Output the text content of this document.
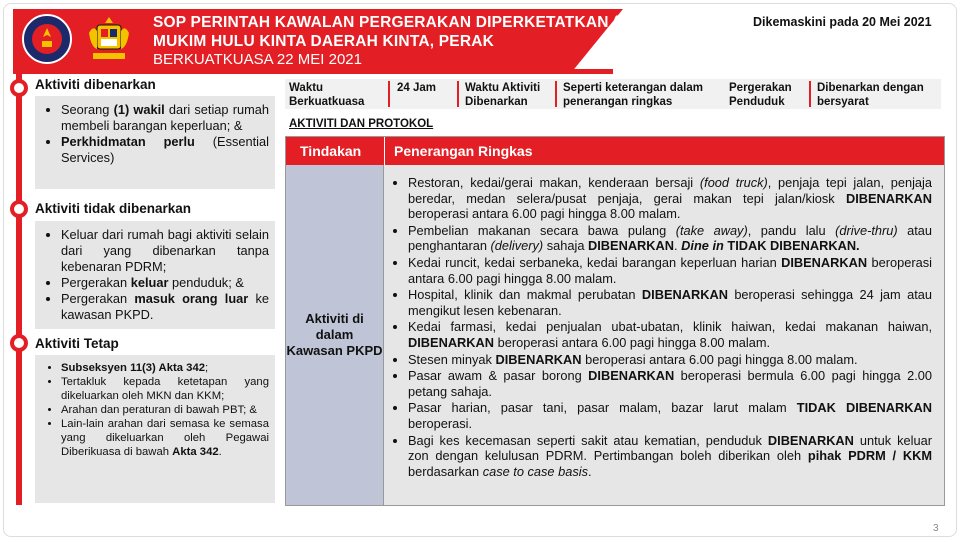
SOP PERINTAH KAWALAN PERGERAKAN DIPERKETATKAN (PKPD)
MUKIM HULU KINTA DAERAH KINTA, PERAK
BERKUATKUASA 22 MEI 2021
Dikemaskini pada 20 Mei 2021
Aktiviti dibenarkan
• Seorang (1) wakil dari setiap rumah membeli barangan keperluan; &
• Perkhidmatan perlu (Essential Services)
Aktiviti tidak dibenarkan
• Keluar dari rumah bagi aktiviti selain dari yang dibenarkan tanpa kebenaran PDRM;
• Pergerakan keluar penduduk; &
• Pergerakan masuk orang luar ke kawasan PKPD.
Aktiviti Tetap
• Subseksyen 11(3) Akta 342;
• Tertakluk kepada ketetapan yang dikeluarkan oleh MKN dan KKM;
• Arahan dan peraturan di bawah PBT; &
• Lain-lain arahan dari semasa ke semasa yang dikeluarkan oleh Pegawai Diberikuasa di bawah Akta 342.
Waktu Berkuatkuasa
24 Jam	Waktu Aktiviti Dibenarkan
Seperti keterangan dalam penerangan ringkas
Pergerakan Penduduk
Dibenarkan dengan bersyarat
AKTIVITI DAN PROTOKOL
Tindakan Penerangan Ringkas
Aktiviti di dalam Kawasan PKPD
• Restoran, kedai/gerai makan, kenderaan bersaji (food truck), penjaja tepi jalan, penjaja beredar, medan selera/pusat penjaja, gerai makan tepi jalan/kiosk DIBENARKAN beroperasi antara 6.00 pagi hingga 8.00 malam.
• Pembelian makanan secara bawa pulang (take away), pandu lalu (drive-thru) atau penghantaran (delivery) sahaja DIBENARKAN. Dine in TIDAK DIBENARKAN.
• Kedai runcit, kedai serbaneka, kedai barangan keperluan harian DIBENARKAN beroperasi antara 6.00 pagi hingga 8.00 malam.
• Hospital, klinik dan makmal perubatan DIBENARKAN beroperasi sehingga 24 jam atau mengikut lesen kebenaran.
• Kedai farmasi, kedai penjualan ubat-ubatan, klinik haiwan, kedai makanan haiwan, DIBENARKAN beroperasi antara 6.00 pagi hingga 8.00 malam.
• Stesen minyak DIBENARKAN beroperasi antara 6.00 pagi hingga 8.00 malam.
• Pasar awam & pasar borong DIBENARKAN beroperasi bermula 6.00 pagi hingga 2.00 petang sahaja.
• Pasar harian, pasar tani, pasar malam, bazar larut malam TIDAK DIBENARKAN beroperasi.
• Bagi kes kecemasan seperti sakit atau kematian, penduduk DIBENARKAN untuk keluar zon dengan kelulusan PDRM. Pertimbangan boleh diberikan oleh pihak PDRM / KKM berdasarkan case to case basis.
3
